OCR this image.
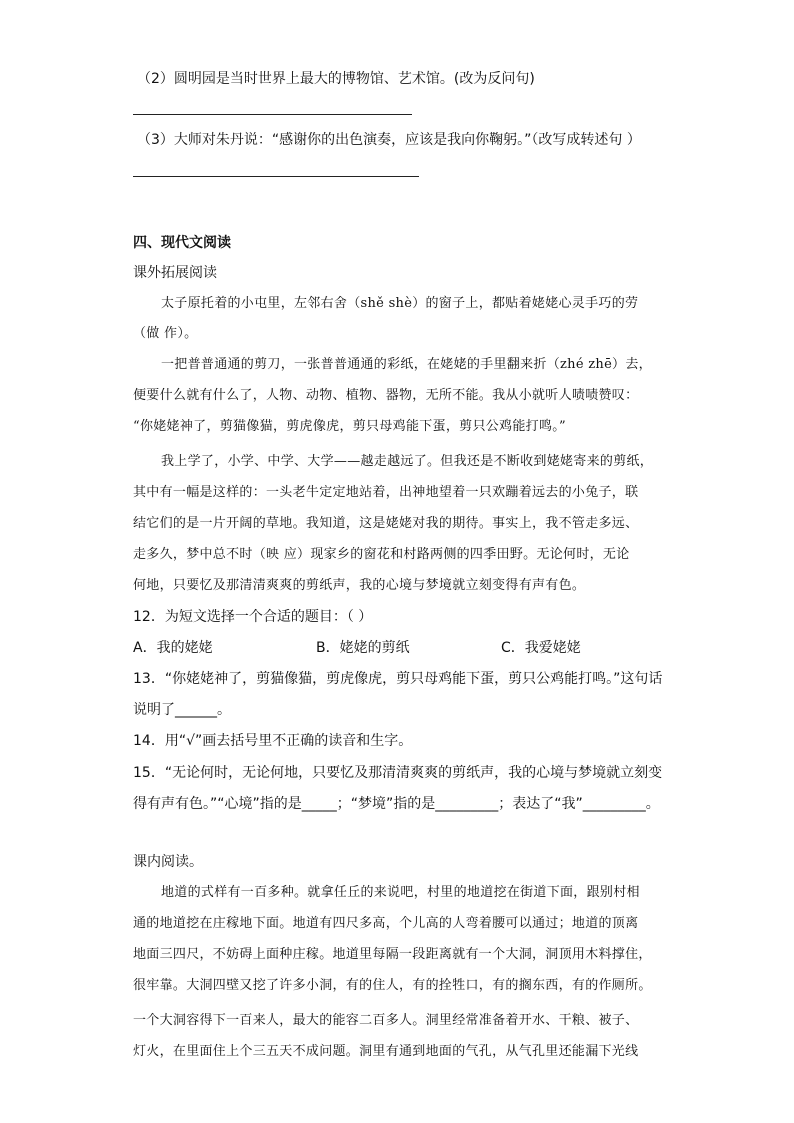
（2）圆明园是当时世界上最大的博物馆、艺术馆。(改为反问句)
（3）大师对朱丹说：“感谢你的出色演奏，应该是我向你鞠躬。”（改写成转述句 ）
四、现代文阅读
课外拓展阅读
太子原托着的小屯里，左邻右舍（shě shè）的窗子上，都贴着姥姥心灵手巧的劳
（做 作）。
一把普普通通的剪刀，一张普普通通的彩纸，在姥姥的手里翻来折（zhé zhē）去，
便要什么就有什么了，人物、动物、植物、器物，无所不能。我从小就听人啧啧赞叹：
“你姥姥神了，剪猫像猫，剪虎像虎，剪只母鸡能下蛋，剪只公鸡能打鸣。”
我上学了，小学、中学、大学——越走越远了。但我还是不断收到姥姥寄来的剪纸，
其中有一幅是这样的：一头老牛定定地站着，出神地望着一只欢蹦着远去的小兔子，联
结它们的是一片开阔的草地。我知道，这是姥姥对我的期待。事实上，我不管走多远、
走多久，梦中总不时（映 应）现家乡的窗花和村路两侧的四季田野。无论何时，无论
何地，只要忆及那清清爽爽的剪纸声，我的心境与梦境就立刻变得有声有色。
12．为短文选择一个合适的题目：（ ）
A．我的姥姥	B．姥姥的剪纸	C．我爱姥姥
13．“你姥姥神了，剪猫像猫，剪虎像虎，剪只母鸡能下蛋，剪只公鸡能打鸣。”这句话
说明了______。
14．用“√”画去括号里不正确的读音和生字。
15．“无论何时，无论何地，只要忆及那清清爽爽的剪纸声，我的心境与梦境就立刻变
得有声有色。”“心境”指的是_____；“梦境”指的是_________；表达了“我”_________。
课内阅读。
地道的式样有一百多种。就拿任丘的来说吧，村里的地道挖在街道下面，跟别村相
通的地道挖在庄稼地下面。地道有四尺多高，个儿高的人弯着腰可以通过；地道的顶离
地面三四尺，不妨碍上面种庄稼。地道里每隔一段距离就有一个大洞，洞顶用木料撑住，
很牢靠。大洞四壁又挖了许多小洞，有的住人，有的拴牲口，有的搁东西，有的作厕所。
一个大洞容得下一百来人，最大的能容二百多人。洞里经常准备着开水、干粮、被子、
灯火，在里面住上个三五天不成问题。洞里有通到地面的气孔，从气孔里还能漏下光线
